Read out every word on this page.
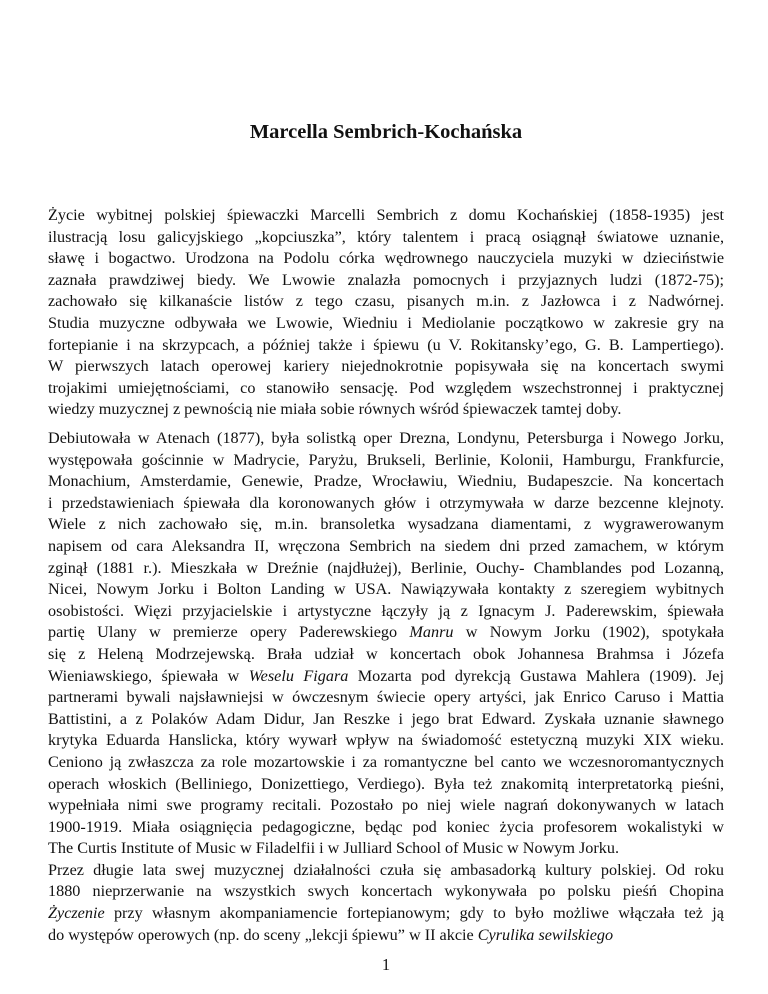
Marcella Sembrich-Kochańska

Życie wybitnej polskiej śpiewaczki Marcelli Sembrich z domu Kochańskiej (1858-1935) jest
ilustracją losu galicyjskiego „kopciuszka”, który talentem i pracą osiągnął światowe uznanie,
sławę i bogactwo. Urodzona na Podolu córka wędrownego nauczyciela muzyki w dzieciństwie
zaznała prawdziwej biedy. We Lwowie znalazła pomocnych i przyjaznych ludzi (1872-75);
zachowało się kilkanaście listów z tego czasu, pisanych m.in. z Jazłowca i z Nadwórnej.
Studia muzyczne odbywała we Lwowie, Wiedniu i Mediolanie początkowo w zakresie gry na
fortepianie i na skrzypcach, a później także i śpiewu (u V. Rokitansky’ego, G. B. Lampertiego).
W pierwszych latach operowej kariery niejednokrotnie popisywała się na koncertach swymi
trojakimi umiejętnościami, co stanowiło sensację. Pod względem wszechstronnej i praktycznej
wiedzy muzycznej z pewnością nie miała sobie równych wśród śpiewaczek tamtej doby.

Debiutowała w Atenach (1877), była solistką oper Drezna, Londynu, Petersburga i Nowego Jorku,
występowała gościnnie w Madrycie, Paryżu, Brukseli, Berlinie, Kolonii, Hamburgu, Frankfurcie,
Monachium, Amsterdamie, Genewie, Pradze, Wrocławiu, Wiedniu, Budapeszcie. Na koncertach
i przedstawieniach śpiewała dla koronowanych głów i otrzymywała w darze bezcenne klejnoty.
Wiele z nich zachowało się, m.in. bransoletka wysadzana diamentami, z wygrawerowanym
napisem od cara Aleksandra II, wręczona Sembrich na siedem dni przed zamachem, w którym
zginął (1881 r.). Mieszkała w Dreźnie (najdłużej), Berlinie, Ouchy- Chamblandes pod Lozanną,
Nicei, Nowym Jorku i Bolton Landing w USA. Nawiązywała kontakty z szeregiem wybitnych
osobistości. Więzi przyjacielskie i artystyczne łączyły ją z Ignacym J. Paderewskim, śpiewała
partię Ulany w premierze opery Paderewskiego Manru w Nowym Jorku (1902), spotykała
się z Heleną Modrzejewską. Brała udział w koncertach obok Johannesa Brahmsa i Józefa
Wieniawskiego, śpiewała w Weselu Figara Mozarta pod dyrekcją Gustawa Mahlera (1909). Jej
partnerami bywali najsławniejsi w ówczesnym świecie opery artyści, jak Enrico Caruso i Mattia
Battistini, a z Polaków Adam Didur, Jan Reszke i jego brat Edward. Zyskała uznanie sławnego
krytyka Eduarda Hanslicka, który wywarł wpływ na świadomość estetyczną muzyki XIX wieku.
Ceniono ją zwłaszcza za role mozartowskie i za romantyczne bel canto we wczesnoromantycznych
operach włoskich (Belliniego, Donizettiego, Verdiego). Była też znakomitą interpretatorką pieśni,
wypełniała nimi swe programy recitali. Pozostało po niej wiele nagrań dokonywanych w latach
1900-1919. Miała osiągnięcia pedagogiczne, będąc pod koniec życia profesorem wokalistyki w
The Curtis Institute of Music w Filadelfii i w Julliard School of Music w Nowym Jorku.
Przez długie lata swej muzycznej działalności czuła się ambasadorką kultury polskiej. Od roku
1880 nieprzerwanie na wszystkich swych koncertach wykonywała po polsku pieśń Chopina
Życzenie przy własnym akompaniamencie fortepianowym; gdy to było możliwe włączała też ją
do występów operowych (np. do sceny „lekcji śpiewu” w II akcie Cyrulika sewilskiego

1
